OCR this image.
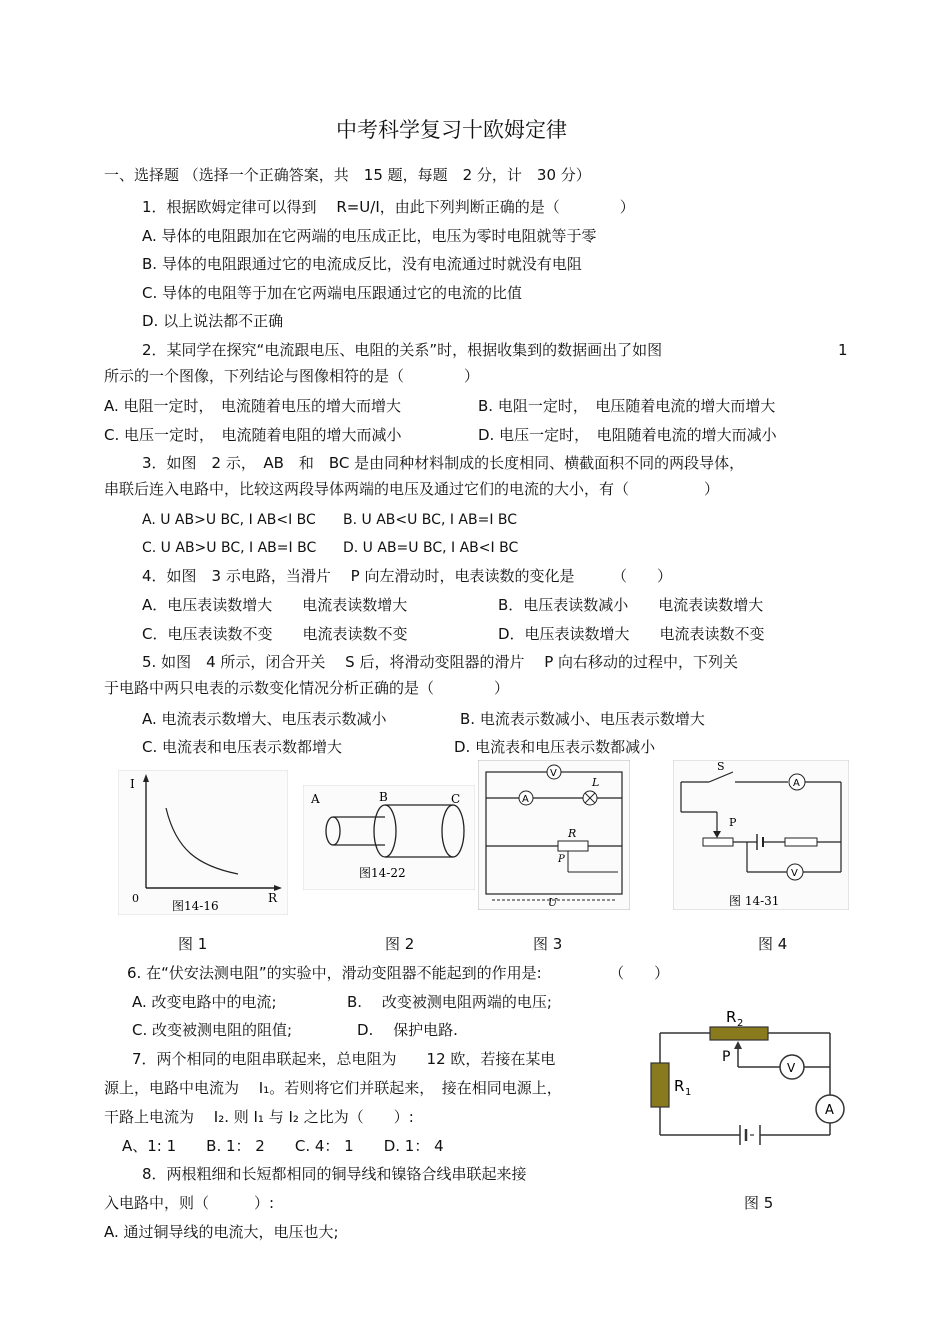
中考科学复习十欧姆定律
一、选择题 （选择一个正确答案，共　15 题，每题　2 分，计　30 分）
1．根据欧姆定律可以得到　 R=U/I，由此下列判断正确的是（　　　　）
A. 导体的电阻跟加在它两端的电压成正比，电压为零时电阻就等于零
B. 导体的电阻跟通过它的电流成反比，没有电流通过时就没有电阻
C. 导体的电阻等于加在它两端电压跟通过它的电流的比值
D. 以上说法都不正确
2．某同学在探究“电流跟电压、电阻的关系”时，根据收集到的数据画出了如图	1
所示的一个图像，下列结论与图像相符的是（　　　　）
A. 电阻一定时，　电流随着电压的增大而增大	B. 电阻一定时，　电压随着电流的增大而增大
C. 电压一定时，　电流随着电阻的增大而减小	D. 电压一定时，　电阻随着电流的增大而减小
3．如图　2 示，　AB　和　BC 是由同种材料制成的长度相同、横截面积不同的两段导体，
串联后连入电路中，比较这两段导体两端的电压及通过它们的电流的大小，有（　　　　　）
A. U AB>U BC, I AB<I BC B. U AB<U BC, I AB=I BC
C. U AB>U BC, I AB=I BC D. U AB=U BC, I AB<I BC
4．如图　3 示电路，当滑片　 P 向左滑动时，电表读数的变化是　　　（　　）
A．电压表读数增大　　电流表读数增大	B．电压表读数减小　　电流表读数增大
C．电压表读数不变　　电流表读数不变	D．电压表读数增大　　电流表读数不变
5. 如图　4 所示，闭合开关　 S 后，将滑动变阻器的滑片　 P 向右移动的过程中，下列关
于电路中两只电表的示数变化情况分析正确的是（　　　　）
A. 电流表示数增大、电压表示数减小	B. 电流表示数减小、电压表示数增大
C. 电流表和电压表示数都增大	D. 电流表和电压表示数都减小
I
R
0
图14-16
A	B	C
图14-22
V
A
L
R
P
U
S
A
P
V
图 14-31
图 1	图 2	图 3	图 4
6. 在“伏安法测电阻”的实验中，滑动变阻器不能起到的作用是:　　　　　（　　）
A. 改变电路中的电流;	B.　 改变被测电阻两端的电压;
C. 改变被测电阻的阻值;	D.　 保护电路.
7．两个相同的电阻串联起来，总电阻为　　12 欧，若接在某电
源上，电路中电流为　 I₁。若则将它们并联起来，　接在相同电源上，
干路上电流为　 I₂. 则 I₁ 与 I₂ 之比为（　　）:
A、1: 1　　B. 1： 2　　C. 4： 1　　D. 1： 4
R 1
R 2
P
V
A
8．两根粗细和长短都相同的铜导线和镍铬合线串联起来接
入电路中，则（　　　）:	图 5
A. 通过铜导线的电流大，电压也大;
